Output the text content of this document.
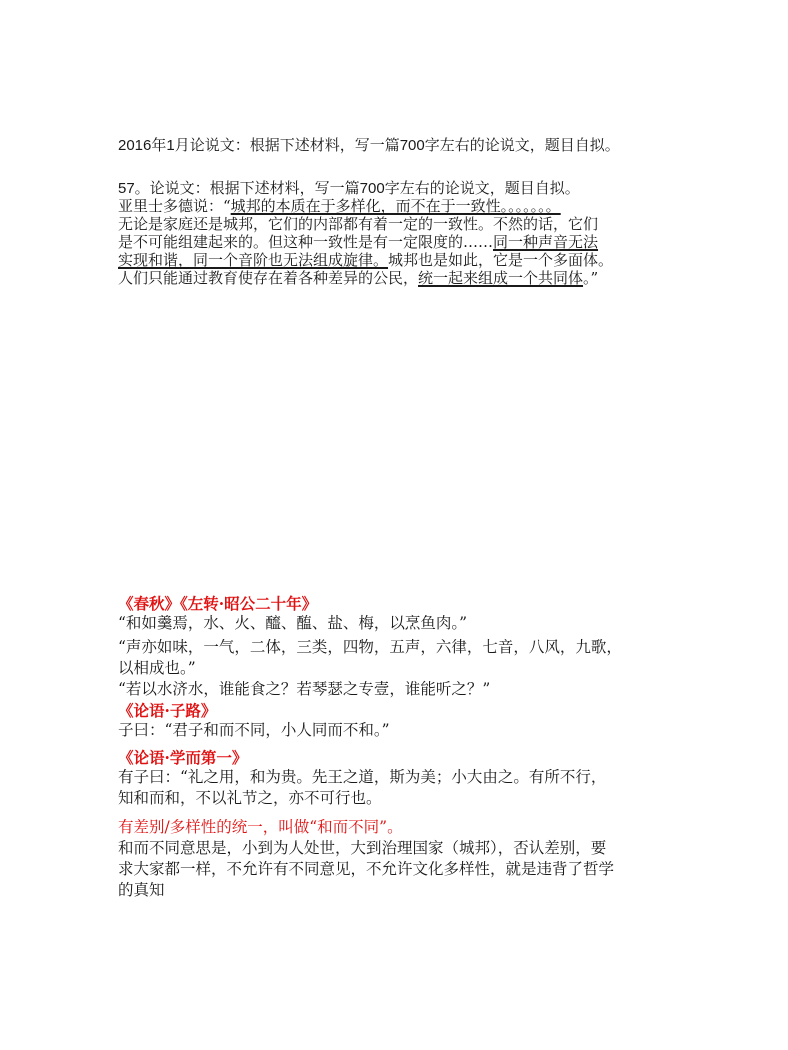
2016年1月论说文：根据下述材料，写一篇700字左右的论说文，题目自拟。
57。论说文：根据下述材料，写一篇700字左右的论说文，题目自拟。
亚里士多德说：“城邦的本质在于多样化，而不在于一致性。。。。。。。
无论是家庭还是城邦，它们的内部都有着一定的一致性。不然的话，它们
是不可能组建起来的。但这种一致性是有一定限度的……同一种声音无法
实现和谐，同一个音阶也无法组成旋律。城邦也是如此，它是一个多面体。
人们只能通过教育使存在着各种差异的公民，统一起来组成一个共同体。”
《春秋》《左转·昭公二十年》
“和如羹焉，水、火、醯、醢、盐、梅，以烹鱼肉。”
“声亦如味，一气，二体，三类，四物，五声，六律，七音，八风，九歌，
以相成也。”
“若以水济水，谁能食之？若琴瑟之专壹，谁能听之？”
《论语·子路》
子曰：“君子和而不同，小人同而不和。”
《论语·学而第一》
有子曰：“礼之用，和为贵。先王之道，斯为美；小大由之。有所不行，
知和而和，不以礼节之，亦不可行也。
有差别/多样性的统一，叫做“和而不同”。
和而不同意思是，小到为人处世，大到治理国家（城邦），否认差别，要
求大家都一样，不允许有不同意见，不允许文化多样性，就是违背了哲学
的真知
